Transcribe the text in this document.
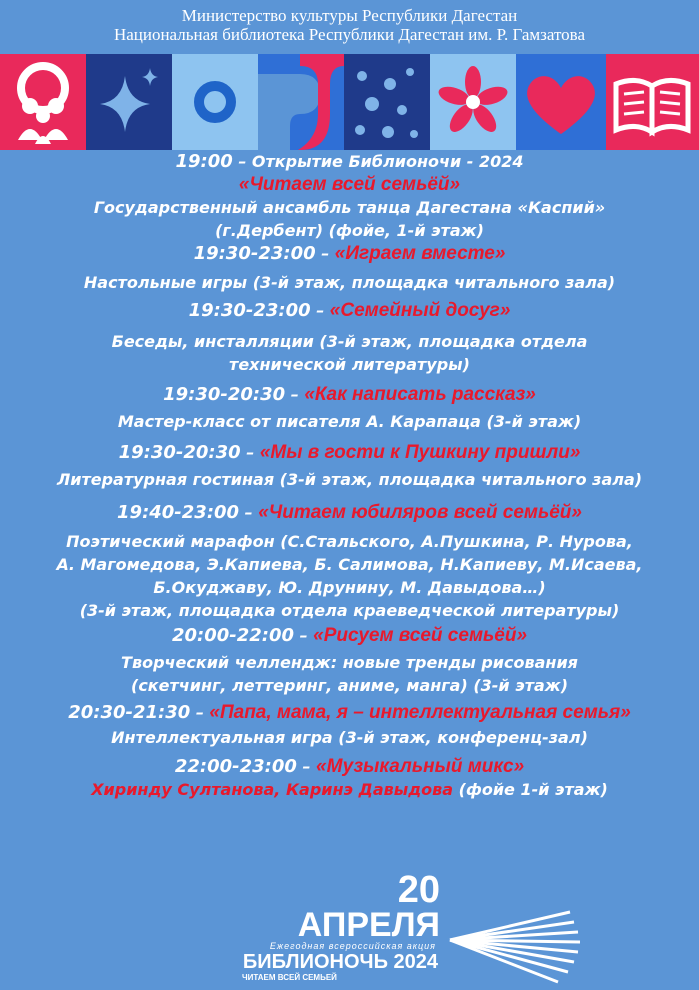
Министерство культуры Республики Дагестан
Национальная библиотека Республики Дагестан им. Р. Гамзатова
19:00 – Открытие Библионочи - 2024
«Читаем всей семьёй»
Государственный ансамбль танца Дагестана «Каспий»
(г.Дербент) (фойе, 1-й этаж)
19:30-23:00 – «Играем вместе»
Настольные игры (3-й этаж, площадка читального зала)
19:30-23:00 – «Семейный досуг»
Беседы, инсталляции (3-й этаж, площадка отдела
технической литературы)
19:30-20:30 – «Как написать рассказ»
Мастер-класс от писателя А. Карапаца (3-й этаж)
19:30-20:30 – «Мы в гости к Пушкину пришли»
Литературная гостиная (3-й этаж, площадка читального зала)
19:40-23:00 – «Читаем юбиляров всей семьёй»
Поэтический марафон (С.Стальского, А.Пушкина, Р. Нурова,
А. Магомедова, Э.Капиева, Б. Салимова, Н.Капиеву, М.Исаева,
Б.Окуджаву, Ю. Друнину, М. Давыдова…)
(3-й этаж, площадка отдела краеведческой литературы)
20:00-22:00 – «Рисуем всей семьёй»
Творческий челлендж: новые тренды рисования
(скетчинг, леттеринг, аниме, манга) (3-й этаж)
20:30-21:30 – «Папа, мама, я – интеллектуальная семья»
Интеллектуальная игра (3-й этаж, конференц-зал)
22:00-23:00 – «Музыкальный микс»
Хиринду Султанова, Каринэ Давыдова (фойе 1-й этаж)
20
АПРЕЛЯ
Ежегодная всероссийская акция
БИБЛИОНОЧЬ 2024
ЧИТАЕМ ВСЕЙ СЕМЬЕЙ
